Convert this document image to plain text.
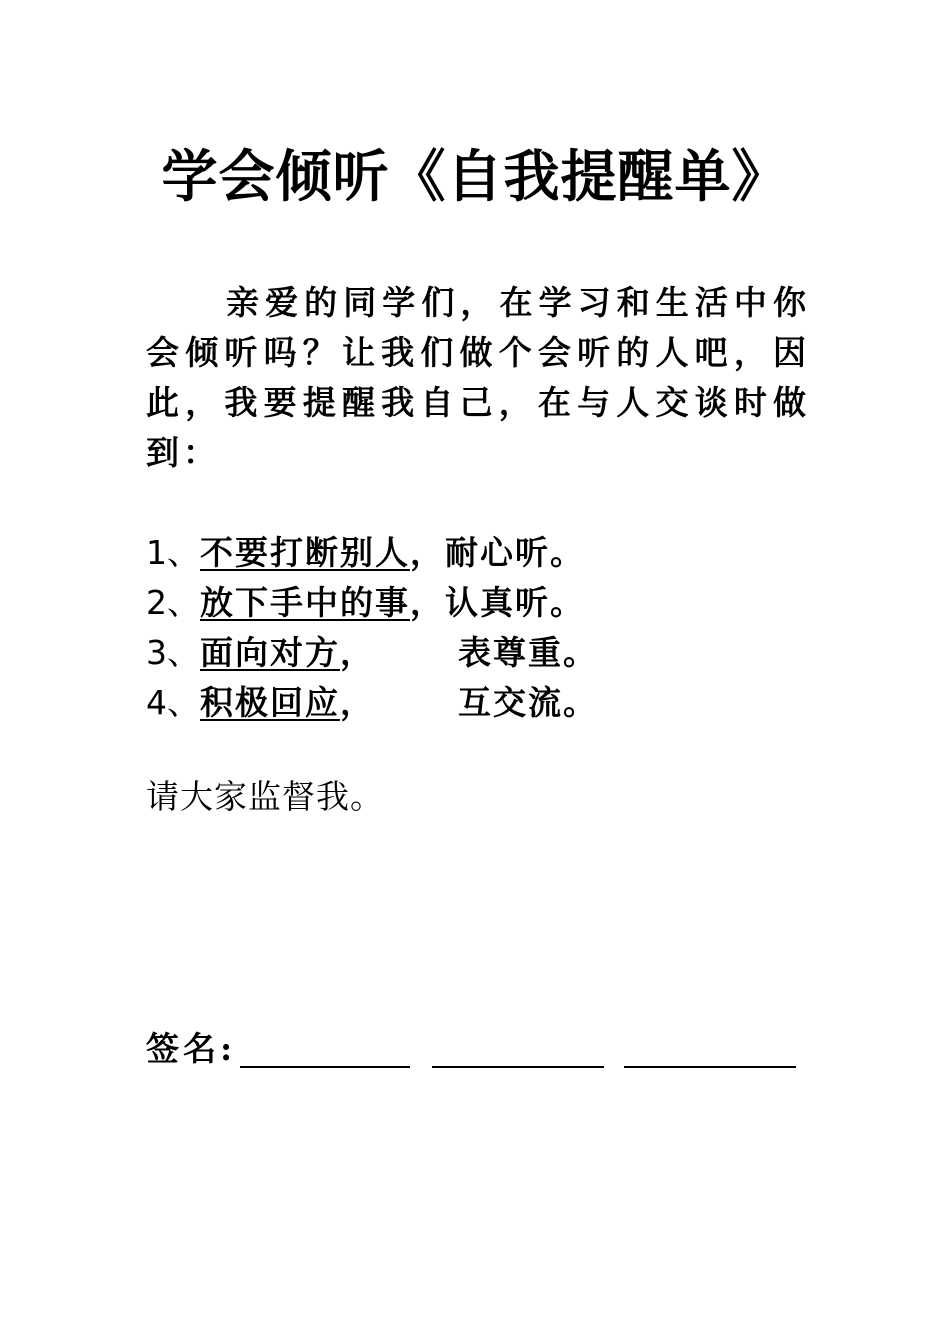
学会倾听《自我提醒单》

亲爱的同学们，在学习和生活中你会倾听吗？让我们做个会听的人吧，因此，我要提醒我自己，在与人交谈时做到：

1、不要打断别人，耐心听。
2、放下手中的事，认真听。
3、面向对方，	表尊重。
4、积极回应，	互交流。
请大家监督我。
签名:
